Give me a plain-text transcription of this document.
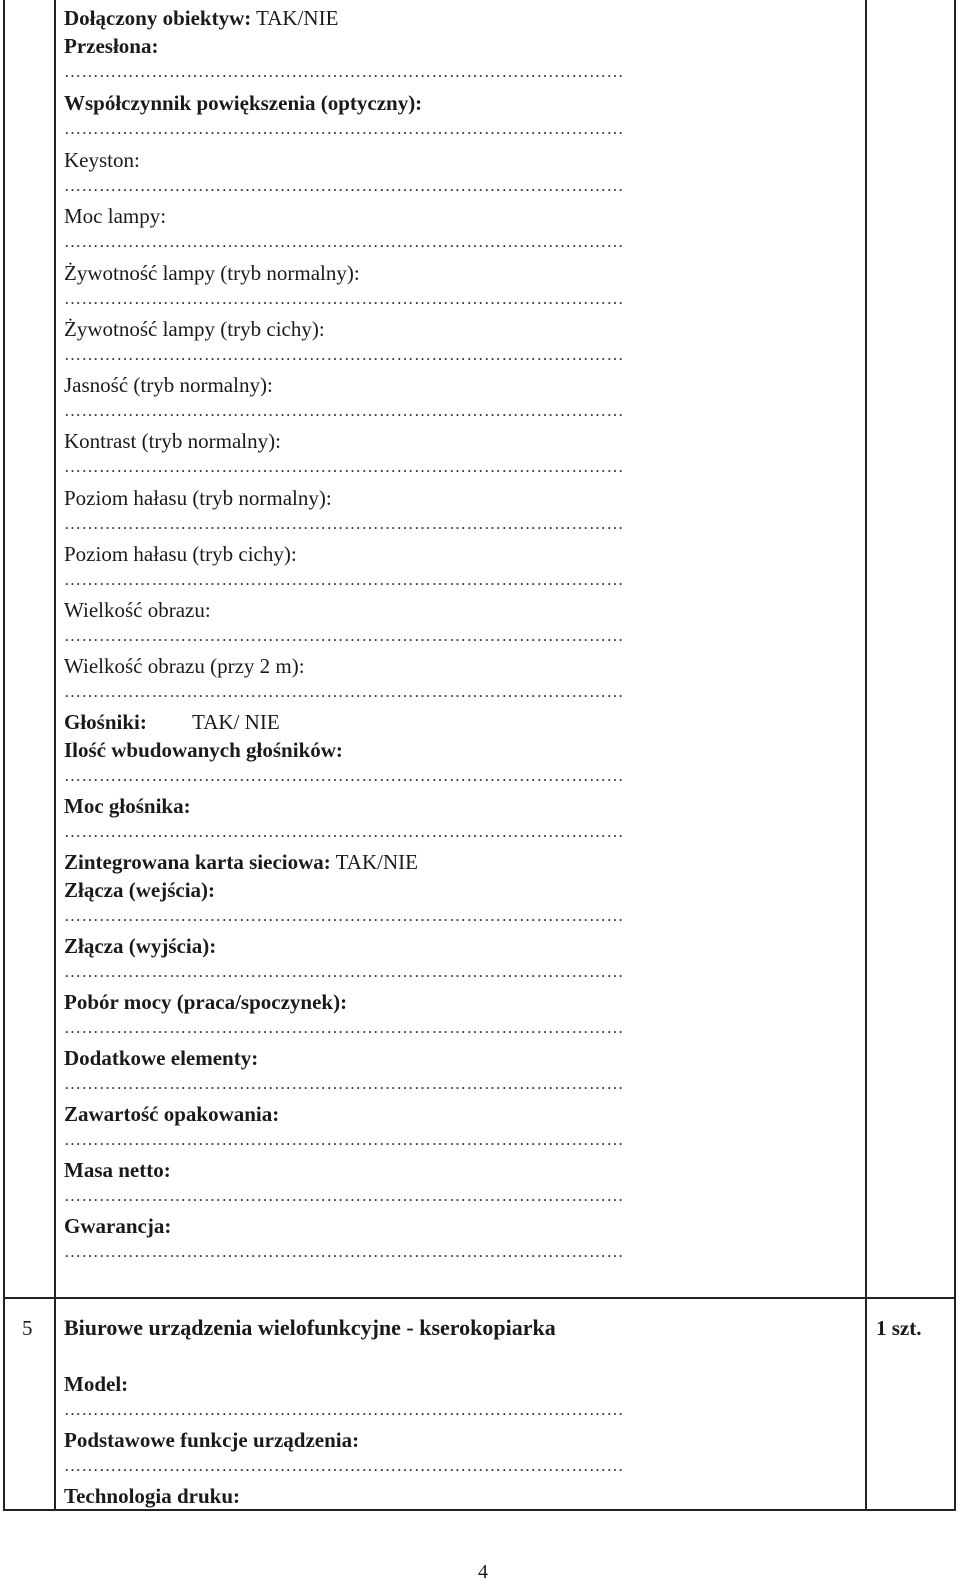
Dołączony obiektyw: TAK/NIE
Przesłona:
……………………………………………………………………………………
Współczynnik powiększenia (optyczny):
……………………………………………………………………………………
Keyston:
……………………………………………………………………………………
Moc lampy:
……………………………………………………………………………………
Żywotność lampy (tryb normalny):
……………………………………………………………………………………
Żywotność lampy (tryb cichy):
……………………………………………………………………………………
Jasność (tryb normalny):
……………………………………………………………………………………
Kontrast (tryb normalny):
……………………………………………………………………………………
Poziom hałasu (tryb normalny):
……………………………………………………………………………………
Poziom hałasu (tryb cichy):
……………………………………………………………………………………
Wielkość obrazu:
……………………………………………………………………………………
Wielkość obrazu (przy 2 m):
……………………………………………………………………………………
Głośniki: TAK/ NIE
Ilość wbudowanych głośników:
……………………………………………………………………………………
Moc głośnika:
……………………………………………………………………………………
Zintegrowana karta sieciowa: TAK/NIE
Złącza (wejścia):
……………………………………………………………………………………
Złącza (wyjścia):
……………………………………………………………………………………
Pobór mocy (praca/spoczynek):
……………………………………………………………………………………
Dodatkowe elementy:
……………………………………………………………………………………
Zawartość opakowania:
……………………………………………………………………………………
Masa netto:
……………………………………………………………………………………
Gwarancja:
……………………………………………………………………………………
5 Biurowe urządzenia wielofunkcyjne - kserokopiarka	1 szt.
Model:
……………………………………………………………………………………
Podstawowe funkcje urządzenia:
……………………………………………………………………………………
Technologia druku:
4
